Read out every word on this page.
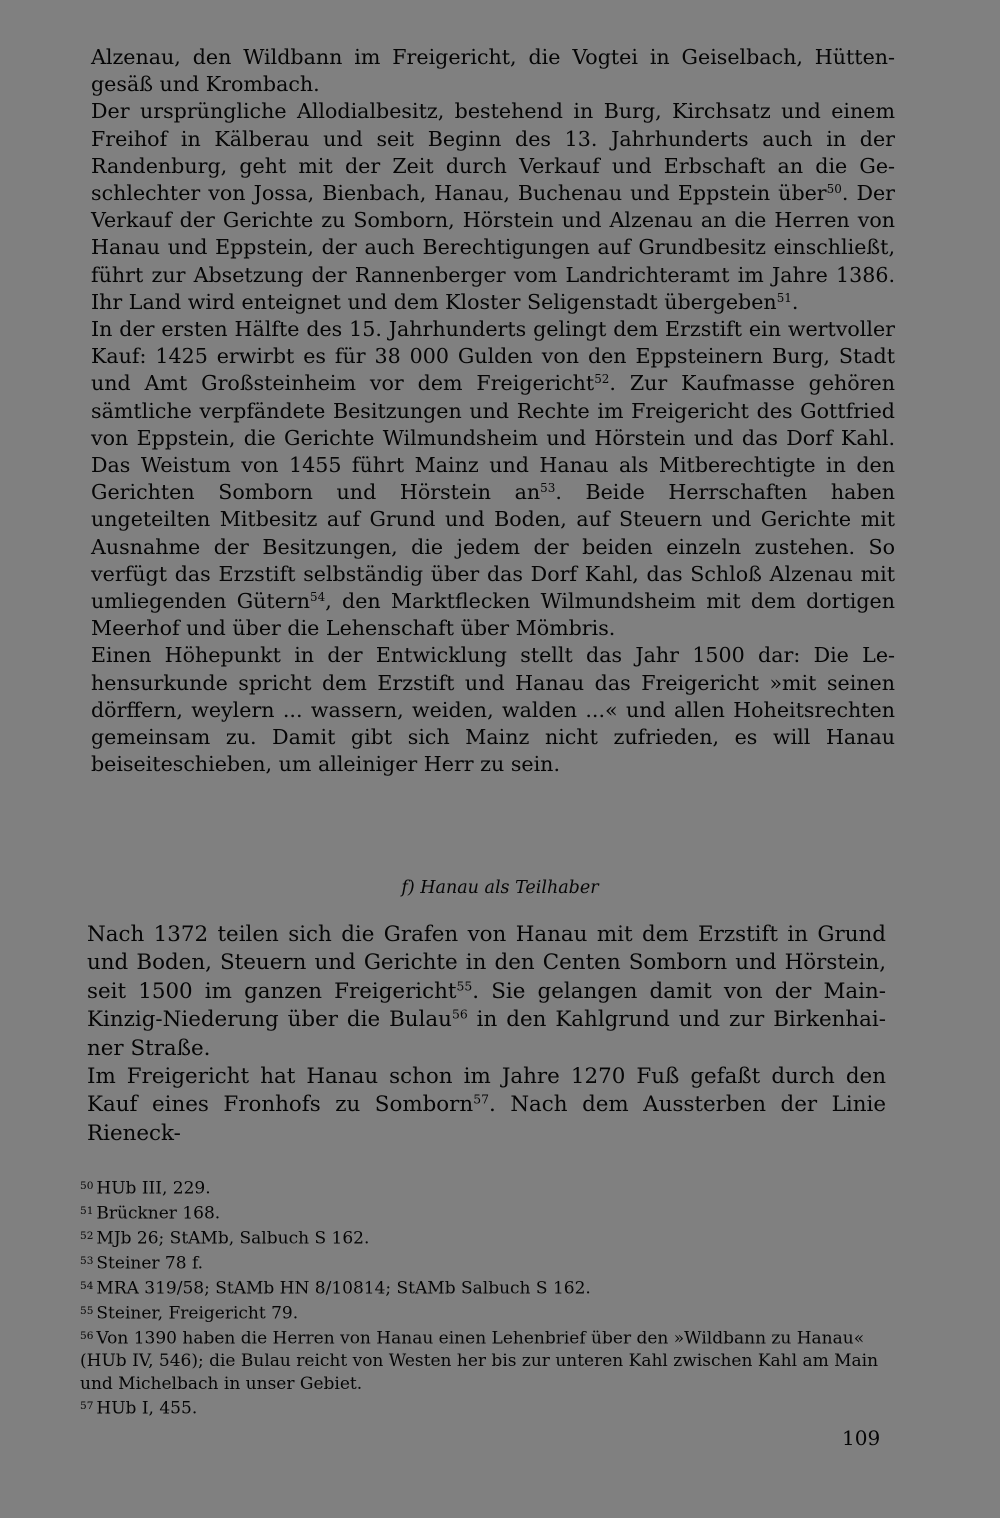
Alzenau, den Wildbann im Freigericht, die Vogtei in Geiselbach, Hüttengesäß und Krombach.

Der ursprüngliche Allodialbesitz, bestehend in Burg, Kirchsatz und einem Freihof in Kälberau und seit Beginn des 13. Jahrhunderts auch in der Randenburg, geht mit der Zeit durch Verkauf und Erbschaft an die Geschlechter von Jossa, Bienbach, Hanau, Buchenau und Eppstein über$^{50}$. Der Verkauf der Gerichte zu Somborn, Hörstein und Alzenau an die Herren von Hanau und Eppstein, der auch Berechtigungen auf Grundbesitz einschließt, führt zur Absetzung der Rannenberger vom Landrichteramt im Jahre 1386. Ihr Land wird enteignet und dem Kloster Seligenstadt übergeben$^{51}$.

In der ersten Hälfte des 15. Jahrhunderts gelingt dem Erzstift ein wertvoller Kauf: 1425 erwirbt es für 38 000 Gulden von den Eppsteinern Burg, Stadt und Amt Großsteinheim vor dem Freigericht$^{52}$. Zur Kaufmasse gehören sämtliche verpfändete Besitzungen und Rechte im Freigericht des Gottfried von Eppstein, die Gerichte Wilmundsheim und Hörstein und das Dorf Kahl. Das Weistum von 1455 führt Mainz und Hanau als Mitberechtigte in den Gerichten Somborn und Hörstein $an^{53}$. Beide Herrschaften haben ungeteilten Mitbesitz auf Grund und Boden, auf Steuern und Gerichte mit Ausnahme der Besitzungen, die jedem der beiden einzeln zustehen. So verfügt das Erzstift selbständig über das Dorf Kahl, das Schloß Alzenau mit umliegenden Gütern$^{54}$, den Marktflecken Wilmundsheim mit dem dortigen Meerhof und über die Lehenschaft über Mömbris.

Einen Höhepunkt in der Entwicklung stellt das Jahr 1500 dar: Die Lehensurkunde spricht dem Erzstift und Hanau das Freigericht »mit seinen dörffern, weylern ... wassern, weiden, walden ...« und allen Hoheitsrechten gemeinsam zu. Damit gibt sich Mainz nicht zufrieden, es will Hanau beiseiteschieben, um alleiniger Herr zu sein.

f) Hanau als Teilhaber

Nach 1372 teilen sich die Grafen von Hanau mit dem Erzstift in Grund und Boden, Steuern und Gerichte in den Centen Somborn und Hörstein, seit 1500 im ganzen Freigericht$^{55}$. Sie gelangen damit von der Main-Kinzig-Niederung über die Bulau$^{56}$ in den Kahlgrund und zur Birkenhainer Straße.

Im Freigericht hat Hanau schon im Jahre 1270 Fuß gefaßt durch den Kauf eines Fronhofs zu Somborn$^{57}$. Nach dem Aussterben der Linie Rieneck-

$^{50}$ HUb III, 229.

$^{51}$ Brückner 168.

$^{52}$ MJb 26; StAMb, Salbuch S 162.

$^{53}$ Steiner 78 f.

$^{54}$ MRA 319/58; StAMb HN 8/10814; StAMb Salbuch S 162.

$^{55}$ Steiner, Freigericht 79.

$^{56}$ Von 1390 haben die Herren von Hanau einen Lehenbrief über den »Wildbann zu Hanau« (HUb IV, 546); die Bulau reicht von Westen her bis zur unteren Kahl zwischen Kahl am Main und Michelbach in unser Gebiet.

$^{57}$ HUb I, 455.

109
